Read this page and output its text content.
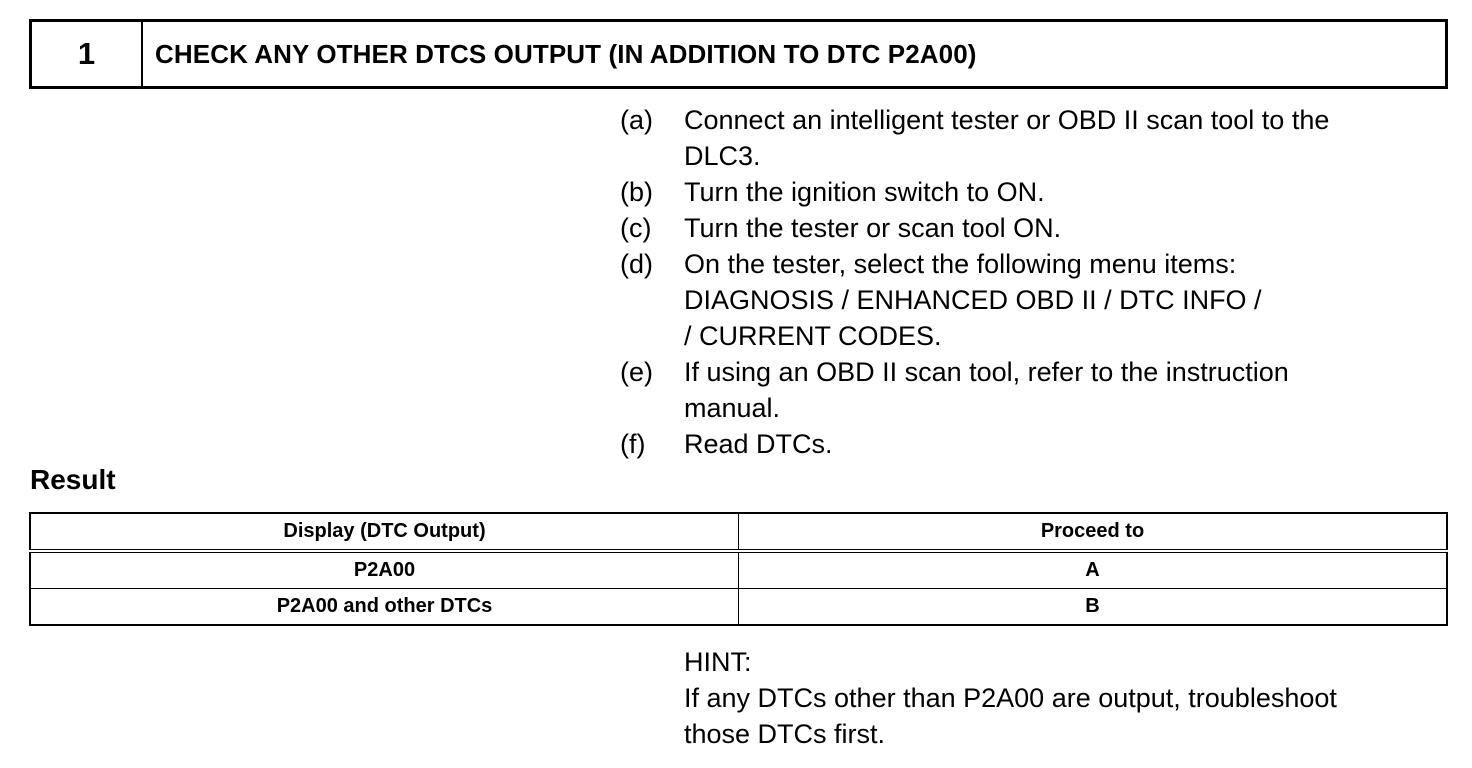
1	CHECK ANY OTHER DTCS OUTPUT (IN ADDITION TO DTC P2A00)
(a)	Connect an intelligent tester or OBD II scan tool to the
DLC3.
(b)	Turn the ignition switch to ON.
(c)	Turn the tester or scan tool ON.
(d)	On the tester, select the following menu items:
DIAGNOSIS / ENHANCED OBD II / DTC INFO /
/ CURRENT CODES.
(e)	If using an OBD II scan tool, refer to the instruction
manual.
(f)	Read DTCs.
Result
Display (DTC Output)	Proceed to
P2A00	A
P2A00 and other DTCs	B
HINT:
If any DTCs other than P2A00 are output, troubleshoot
those DTCs first.
